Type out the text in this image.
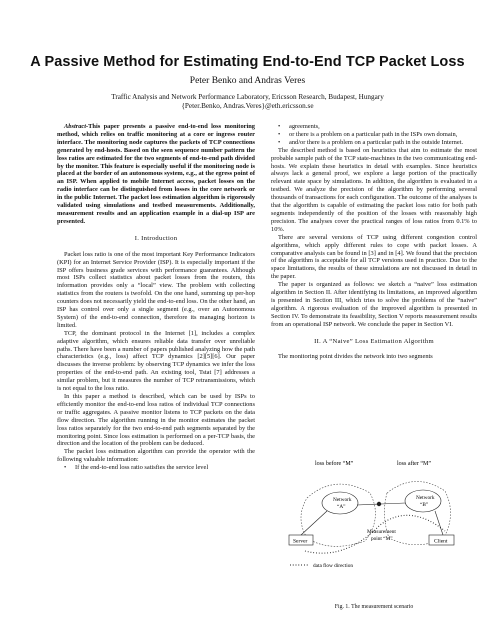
A Passive Method for Estimating End-to-End TCP Packet Loss
Peter Benko and Andras Veres
Traffic Analysis and Network Performance Laboratory, Ericsson Research, Budapest, Hungary
{Peter.Benko, Andras.Veres}@eth.ericsson.se

Abstract-This paper presents a passive end-to-end loss monitoring method, which relies on traffic monitoring at a core or ingress router interface. The monitoring node captures the packets of TCP connections generated by end-hosts. Based on the seen sequence number pattern the loss ratios are estimated for the two segments of end-to-end path divided by the monitor. This feature is especially useful if the monitoring node is placed at the border of an autonomous system, e.g., at the egress point of an ISP. When applied to mobile Internet access, packet losses on the radio interface can be distinguished from losses in the core network or in the public Internet. The packet loss estimation algorithm is rigorously validated using simulations and testbed measurements. Additionally, measurement results and an application example in a dial-up ISP are presented.

I. Introduction

Packet loss ratio is one of the most important Key Performance Indicators (KPI) for an Internet Service Provider (ISP). It is especially important if the ISP offers business grade services with performance guarantees. Although most ISPs collect statistics about packet losses from the routers, this information provides only a “local” view. The problem with collecting statistics from the routers is twofold. On the one hand, summing up per-hop counters does not necessarily yield the end-to-end loss. On the other hand, an ISP has control over only a single segment (e.g., over an Autonomous System) of the end-to-end connection, therefore its managing horizon is limited.

TCP, the dominant protocol in the Internet [1], includes a complex adaptive algorithm, which ensures reliable data transfer over unreliable paths. There have been a number of papers published analyzing how the path characteristics (e.g., loss) affect TCP dynamics [2][5][6]. Our paper discusses the inverse problem: by observing TCP dynamics we infer the loss properties of the end-to-end path. An existing tool, Tstat [7] addresses a similar problem, but it measures the number of TCP retransmissions, which is not equal to the loss ratio.

In this paper a method is described, which can be used by ISPs to efficiently monitor the end-to-end loss ratios of individual TCP connections or traffic aggregates. A passive monitor listens to TCP packets on the data flow direction. The algorithm running in the monitor estimates the packet loss ratios separately for the two end-to-end path segments separated by the monitoring point. Since loss estimation is performed on a per-TCP basis, the direction and the location of the problem can be deduced.

The packet loss estimation algorithm can provide the operator with the following valuable information:

• If the end-to-end loss ratio satisfies the service level
• agreements,
• or there is a problem on a particular path in the ISPs own domain,
• and/or there is a problem on a particular path in the outside Internet.

The described method is based on heuristics that aim to estimate the most probable sample path of the TCP state-machines in the two communicating end-hosts. We explain these heuristics in detail with examples. Since heuristics always lack a general proof, we explore a large portion of the practically relevant state space by simulations. In addition, the algorithm is evaluated in a testbed. We analyze the precision of the algorithm by performing several thousands of transactions for each configuration. The outcome of the analyses is that the algorithm is capable of estimating the packet loss ratio for both path segments independently of the position of the losses with reasonably high precision. The analyses cover the practical ranges of loss ratios from 0.1% to 10%.

There are several versions of TCP using different congestion control algorithms, which apply different rules to cope with packet losses. A comparative analysis can be found in [3] and in [4]. We found that the precision of the algorithm is acceptable for all TCP versions used in practice. Due to the space limitations, the results of these simulations are not discussed in detail in the paper.

The paper is organized as follows: we sketch a “naive” loss estimation algorithm in Section II. After identifying its limitations, an improved algorithm is presented in Section III, which tries to solve the problems of the “naive” algorithm. A rigorous evaluation of the improved algorithm is presented in Section IV. To demonstrate its feasibility, Section V reports measurement results from an operational ISP network. We conclude the paper in Section VI.

II. A “Naive” Loss Estimation Algorithm

The monitoring point divides the network into two segments

loss before “M”	loss after “M”
Network
“A”
Network
“B”
Server	Client
Measurement
point “M”
data flow direction
Fig. 1. The measurement scenario
